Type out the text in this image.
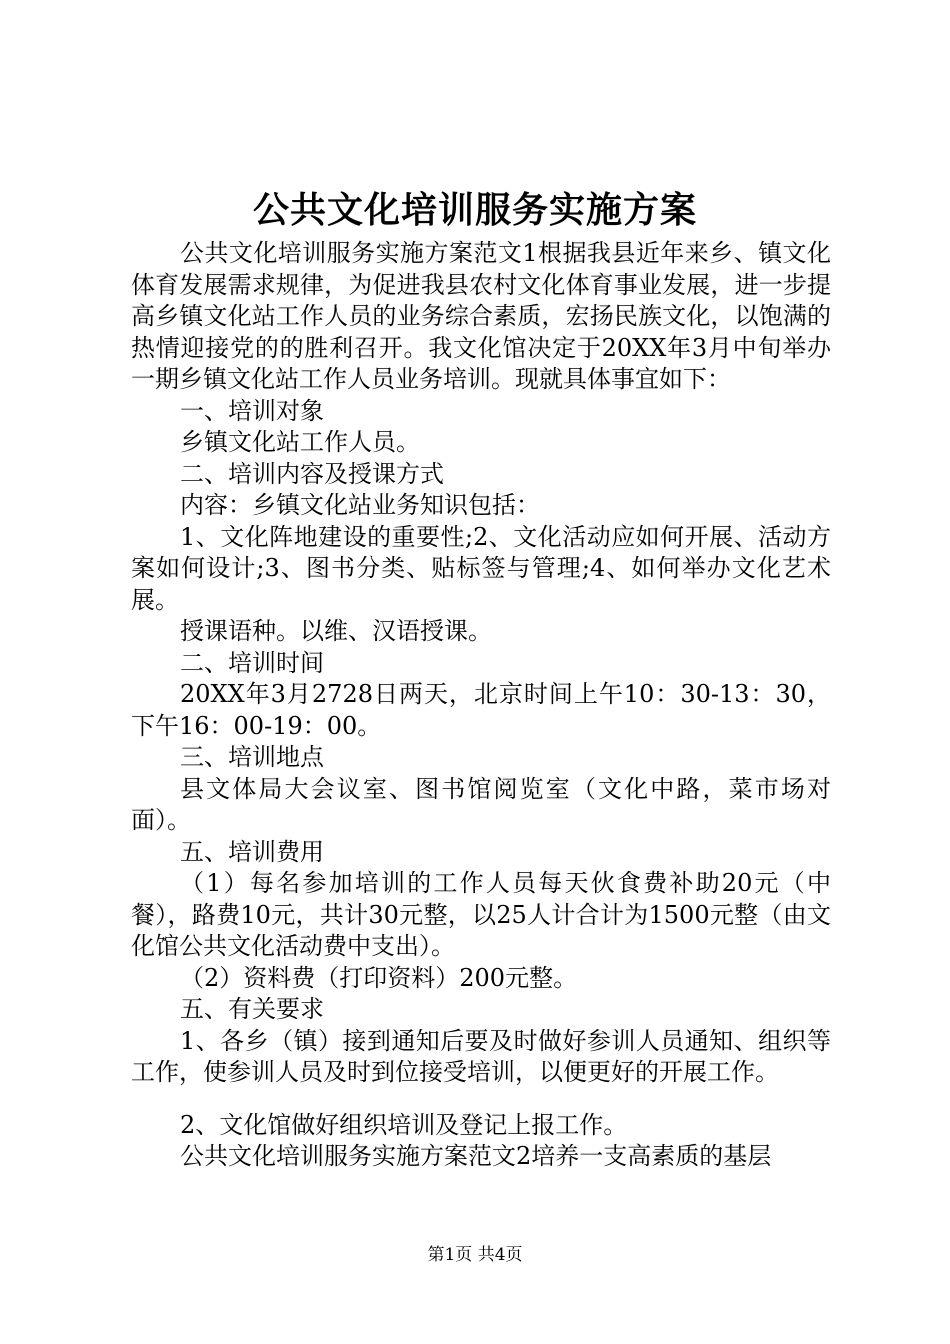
公共文化培训服务实施方案

公共文化培训服务实施方案范文1根据我县近年来乡、镇文化体育发展需求规律，为促进我县农村文化体育事业发展，进一步提高乡镇文化站工作人员的业务综合素质，宏扬民族文化，以饱满的热情迎接党的的胜利召开。我文化馆决定于20XX年3月中旬举办一期乡镇文化站工作人员业务培训。现就具体事宜如下：

一、培训对象

乡镇文化站工作人员。

二、培训内容及授课方式

内容：乡镇文化站业务知识包括：

1、文化阵地建设的重要性;2、文化活动应如何开展、活动方案如何设计;3、图书分类、贴标签与管理;4、如何举办文化艺术展。

授课语种。以维、汉语授课。

二、培训时间

20XX年3月2728日两天，北京时间上午10：30-13：30，下午16：00-19：00。

三、培训地点

县文体局大会议室、图书馆阅览室（文化中路，菜市场对面）。

五、培训费用

（1）每名参加培训的工作人员每天伙食费补助20元（中餐），路费10元，共计30元整，以25人计合计为1500元整（由文化馆公共文化活动费中支出）。

（2）资料费（打印资料）200元整。

五、有关要求

1、各乡（镇）接到通知后要及时做好参训人员通知、组织等工作，使参训人员及时到位接受培训，以便更好的开展工作。

2、文化馆做好组织培训及登记上报工作。

公共文化培训服务实施方案范文2培养一支高素质的基层

第1页 共4页
